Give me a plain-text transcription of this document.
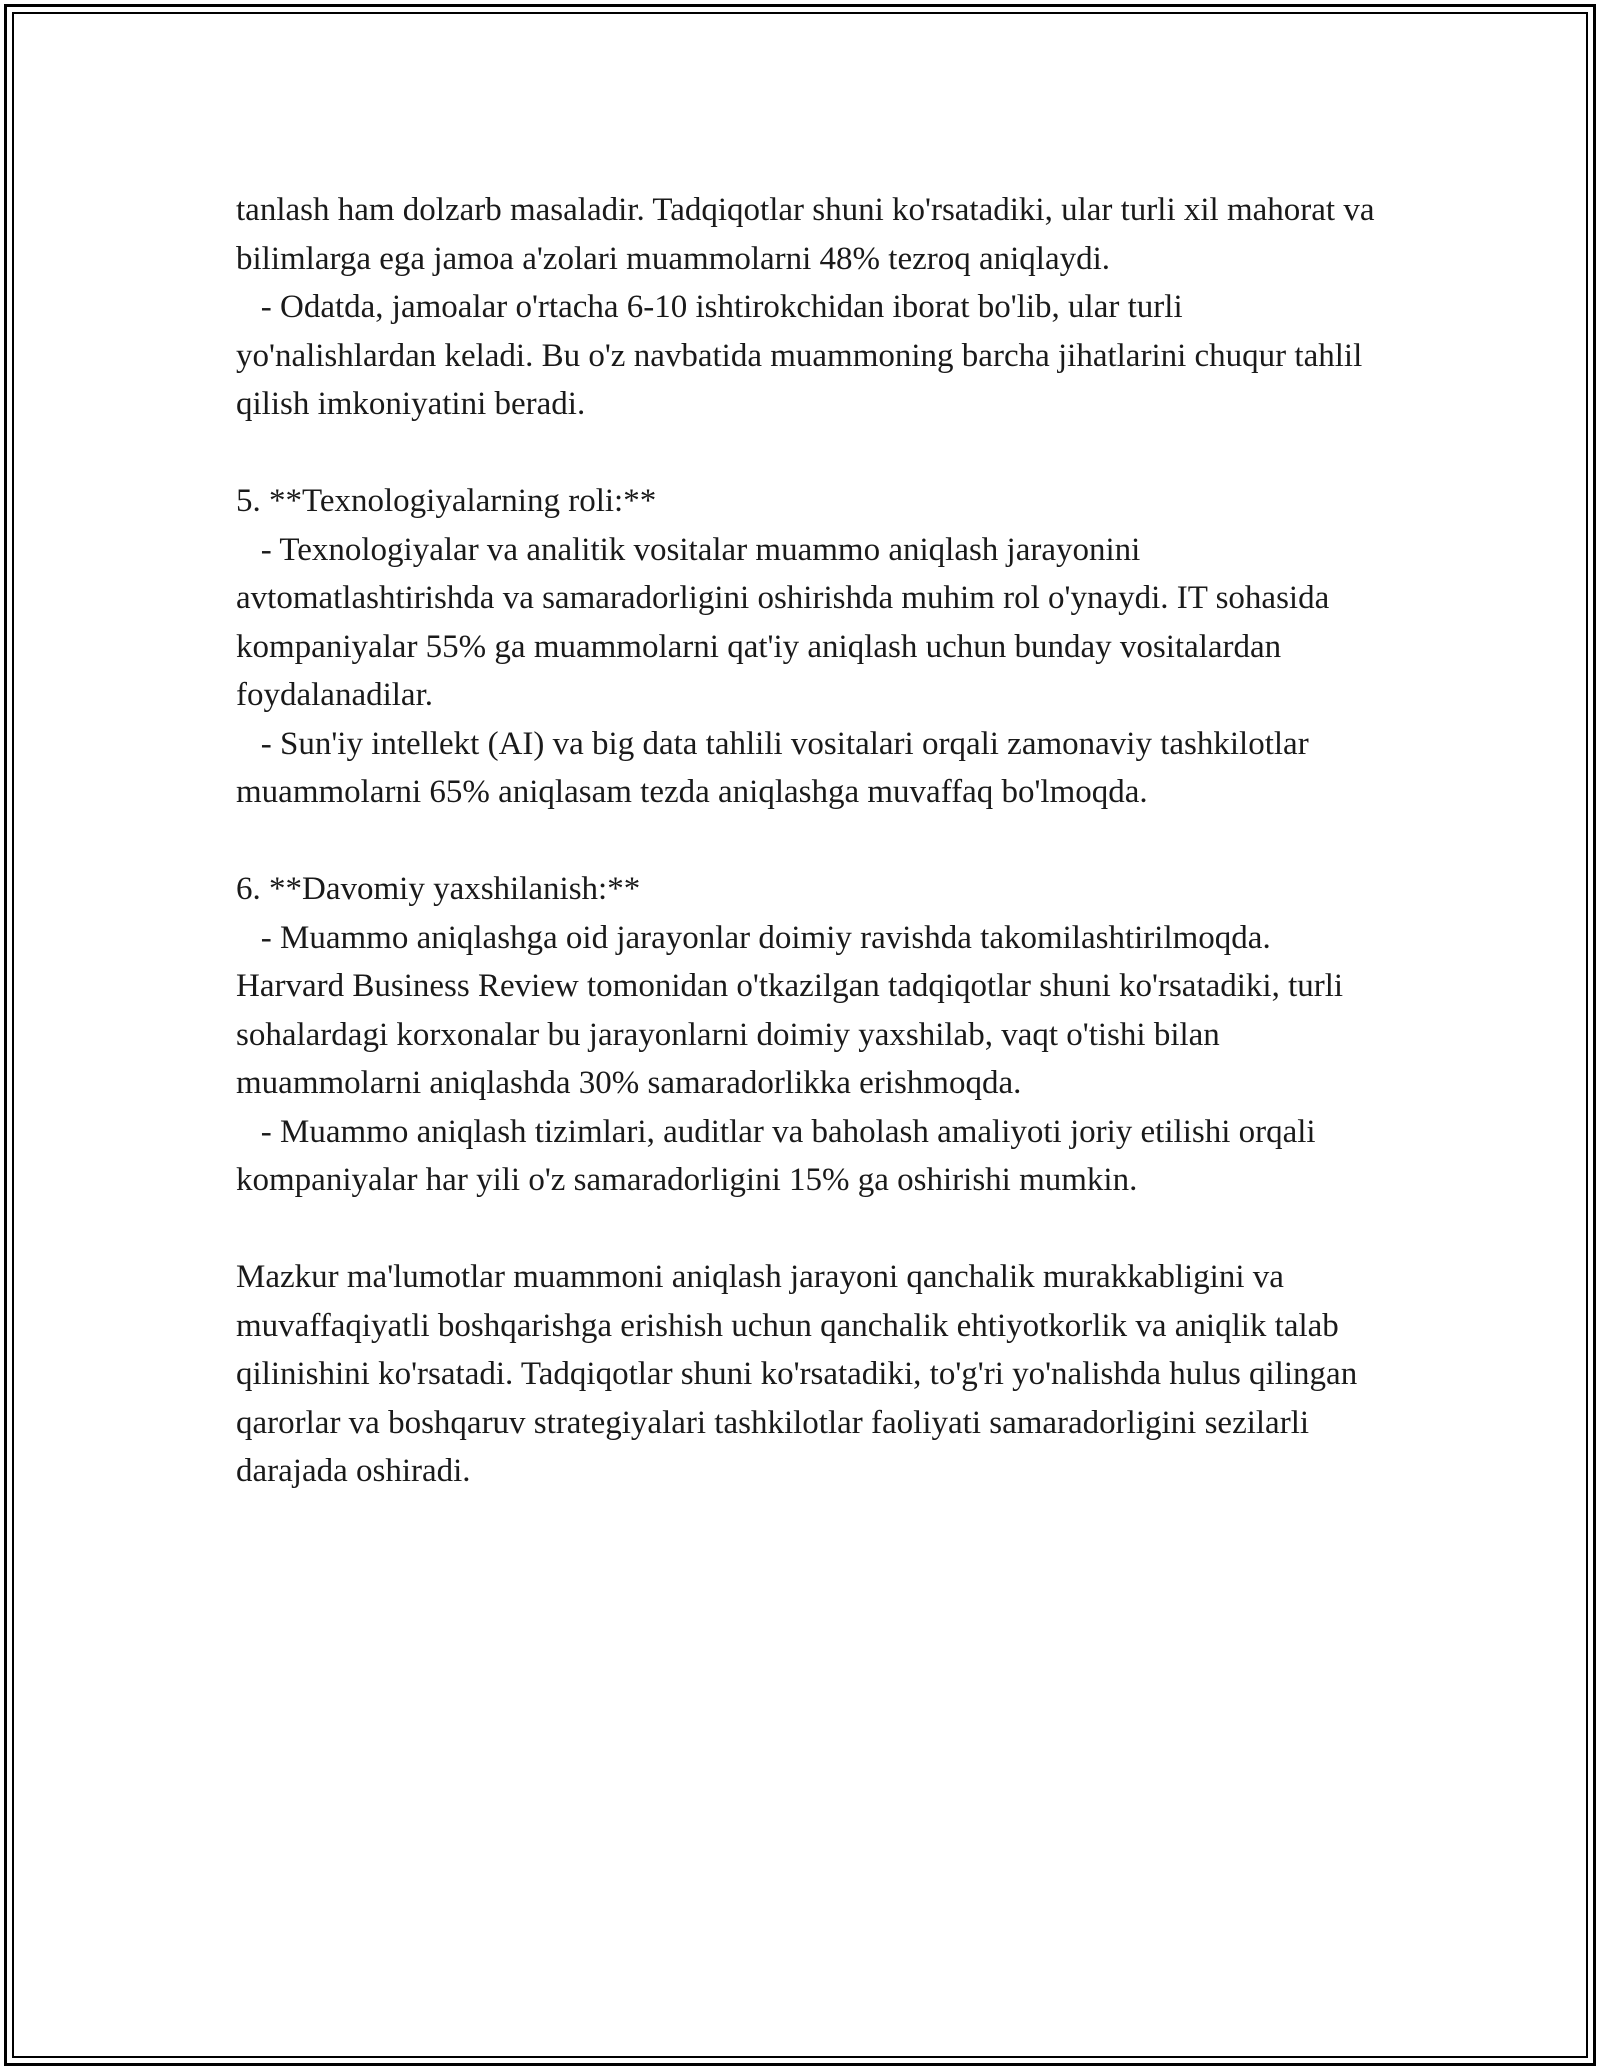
tanlash ham dolzarb masaladir. Tadqiqotlar shuni ko'rsatadiki, ular turli xil mahorat va bilimlarga ega jamoa a'zolari muammolarni 48% tezroq aniqlaydi.

- Odatda, jamoalar o'rtacha 6-10 ishtirokchidan iborat bo'lib, ular turli yo'nalishlardan keladi. Bu o'z navbatida muammoning barcha jihatlarini chuqur tahlil qilish imkoniyatini beradi.

5. **Texnologiyalarning roli:**

- Texnologiyalar va analitik vositalar muammo aniqlash jarayonini avtomatlashtirishda va samaradorligini oshirishda muhim rol o'ynaydi. IT sohasida kompaniyalar 55% ga muammolarni qat'iy aniqlash uchun bunday vositalardan foydalanadilar.

- Sun'iy intellekt (AI) va big data tahlili vositalari orqali zamonaviy tashkilotlar muammolarni 65% aniqlasam tezda aniqlashga muvaffaq bo'lmoqda.

6. **Davomiy yaxshilanish:**

- Muammo aniqlashga oid jarayonlar doimiy ravishda takomilashtirilmoqda. Harvard Business Review tomonidan o'tkazilgan tadqiqotlar shuni ko'rsatadiki, turli sohalardagi korxonalar bu jarayonlarni doimiy yaxshilab, vaqt o'tishi bilan muammolarni aniqlashda 30% samaradorlikka erishmoqda.

- Muammo aniqlash tizimlari, auditlar va baholash amaliyoti joriy etilishi orqali kompaniyalar har yili o'z samaradorligini 15% ga oshirishi mumkin.

Mazkur ma'lumotlar muammoni aniqlash jarayoni qanchalik murakkabligini va muvaffaqiyatli boshqarishga erishish uchun qanchalik ehtiyotkorlik va aniqlik talab qilinishini ko'rsatadi. Tadqiqotlar shuni ko'rsatadiki, to'g'ri yo'nalishda hulus qilingan qarorlar va boshqaruv strategiyalari tashkilotlar faoliyati samaradorligini sezilarli darajada oshiradi.
